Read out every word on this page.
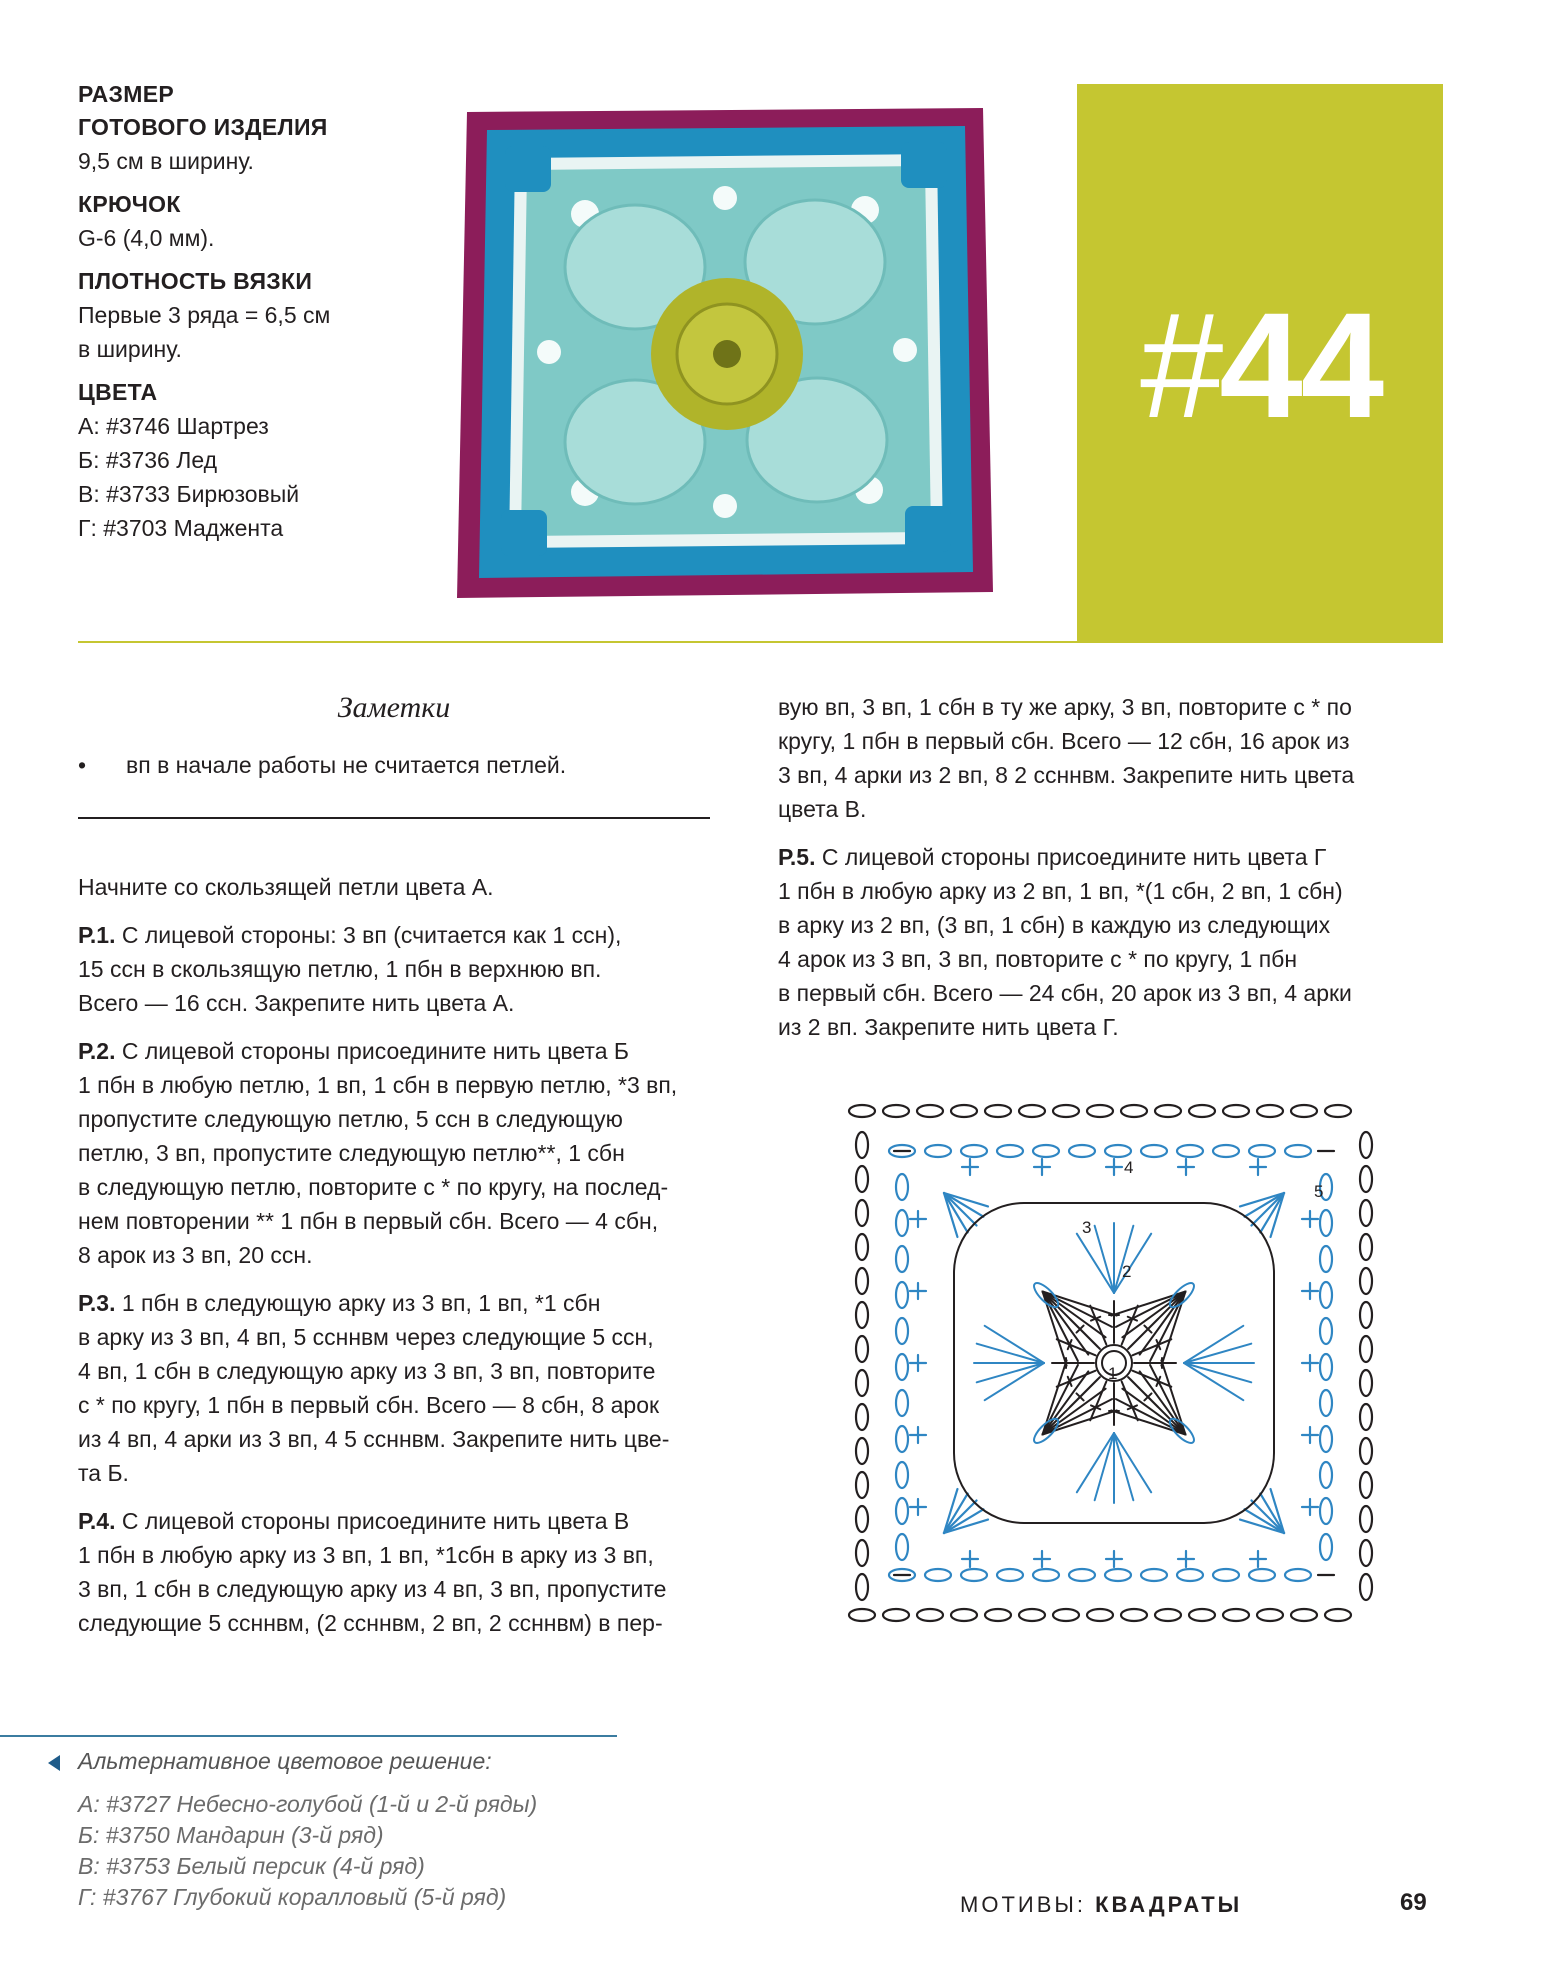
РАЗМЕР
ГОТОВОГО ИЗДЕЛИЯ
9,5 см в ширину.
КРЮЧОК
G-6 (4,0 мм).
ПЛОТНОСТЬ ВЯЗКИ
Первые 3 ряда = 6,5 см
в ширину.
ЦВЕТА
А: #3746 Шартрез
Б: #3736 Лед
В: #3733 Бирюзовый
Г: #3703 Маджента
#44
Заметки
• вп в начале работы не считается петлей.

Начните со скользящей петли цвета А.

Р.1. С лицевой стороны: 3 вп (считается как 1 ссн),
15 ссн в скользящую петлю, 1 пбн в верхнюю вп.
Всего — 16 ссн. Закрепите нить цвета А.

Р.2. С лицевой стороны присоедините нить цвета Б
1 пбн в любую петлю, 1 вп, 1 сбн в первую петлю, *3 вп,
пропустите следующую петлю, 5 ссн в следующую
петлю, 3 вп, пропустите следующую петлю**, 1 сбн
в следующую петлю, повторите с * по кругу, на послед-
нем повторении ** 1 пбн в первый сбн. Всего — 4 сбн,
8 арок из 3 вп, 20 ссн.

Р.3. 1 пбн в следующую арку из 3 вп, 1 вп, *1 сбн
в арку из 3 вп, 4 вп, 5 ссннвм через следующие 5 ссн,
4 вп, 1 сбн в следующую арку из 3 вп, 3 вп, повторите
с * по кругу, 1 пбн в первый сбн. Всего — 8 сбн, 8 арок
из 4 вп, 4 арки из 3 вп, 4 5 ссннвм. Закрепите нить цве-
та Б.

Р.4. С лицевой стороны присоедините нить цвета В
1 пбн в любую арку из 3 вп, 1 вп, *1сбн в арку из 3 вп,
3 вп, 1 сбн в следующую арку из 4 вп, 3 вп, пропустите
следующие 5 ссннвм, (2 ссннвм, 2 вп, 2 ссннвм) в пер-

вую вп, 3 вп, 1 сбн в ту же арку, 3 вп, повторите с * по
кругу, 1 пбн в первый сбн. Всего — 12 сбн, 16 арок из
3 вп, 4 арки из 2 вп, 8 2 ссннвм. Закрепите нить цвета
цвета В.

Р.5. С лицевой стороны присоедините нить цвета Г
1 пбн в любую арку из 2 вп, 1 вп, *(1 сбн, 2 вп, 1 сбн)
в арку из 2 вп, (3 вп, 1 сбн) в каждую из следующих
4 арок из 3 вп, 3 вп, повторите с * по кругу, 1 пбн
в первый сбн. Всего — 24 сбн, 20 арок из 3 вп, 4 арки
из 2 вп. Закрепите нить цвета Г.

1
2
3
4
5
Альтернативное цветовое решение:
А: #3727 Небесно-голубой (1-й и 2-й ряды)
Б: #3750 Мандарин (3-й ряд)
В: #3753 Белый персик (4-й ряд)
Г: #3767 Глубокий коралловый (5-й ряд)	МОТИВЫ: КВАДРАТЫ	69
